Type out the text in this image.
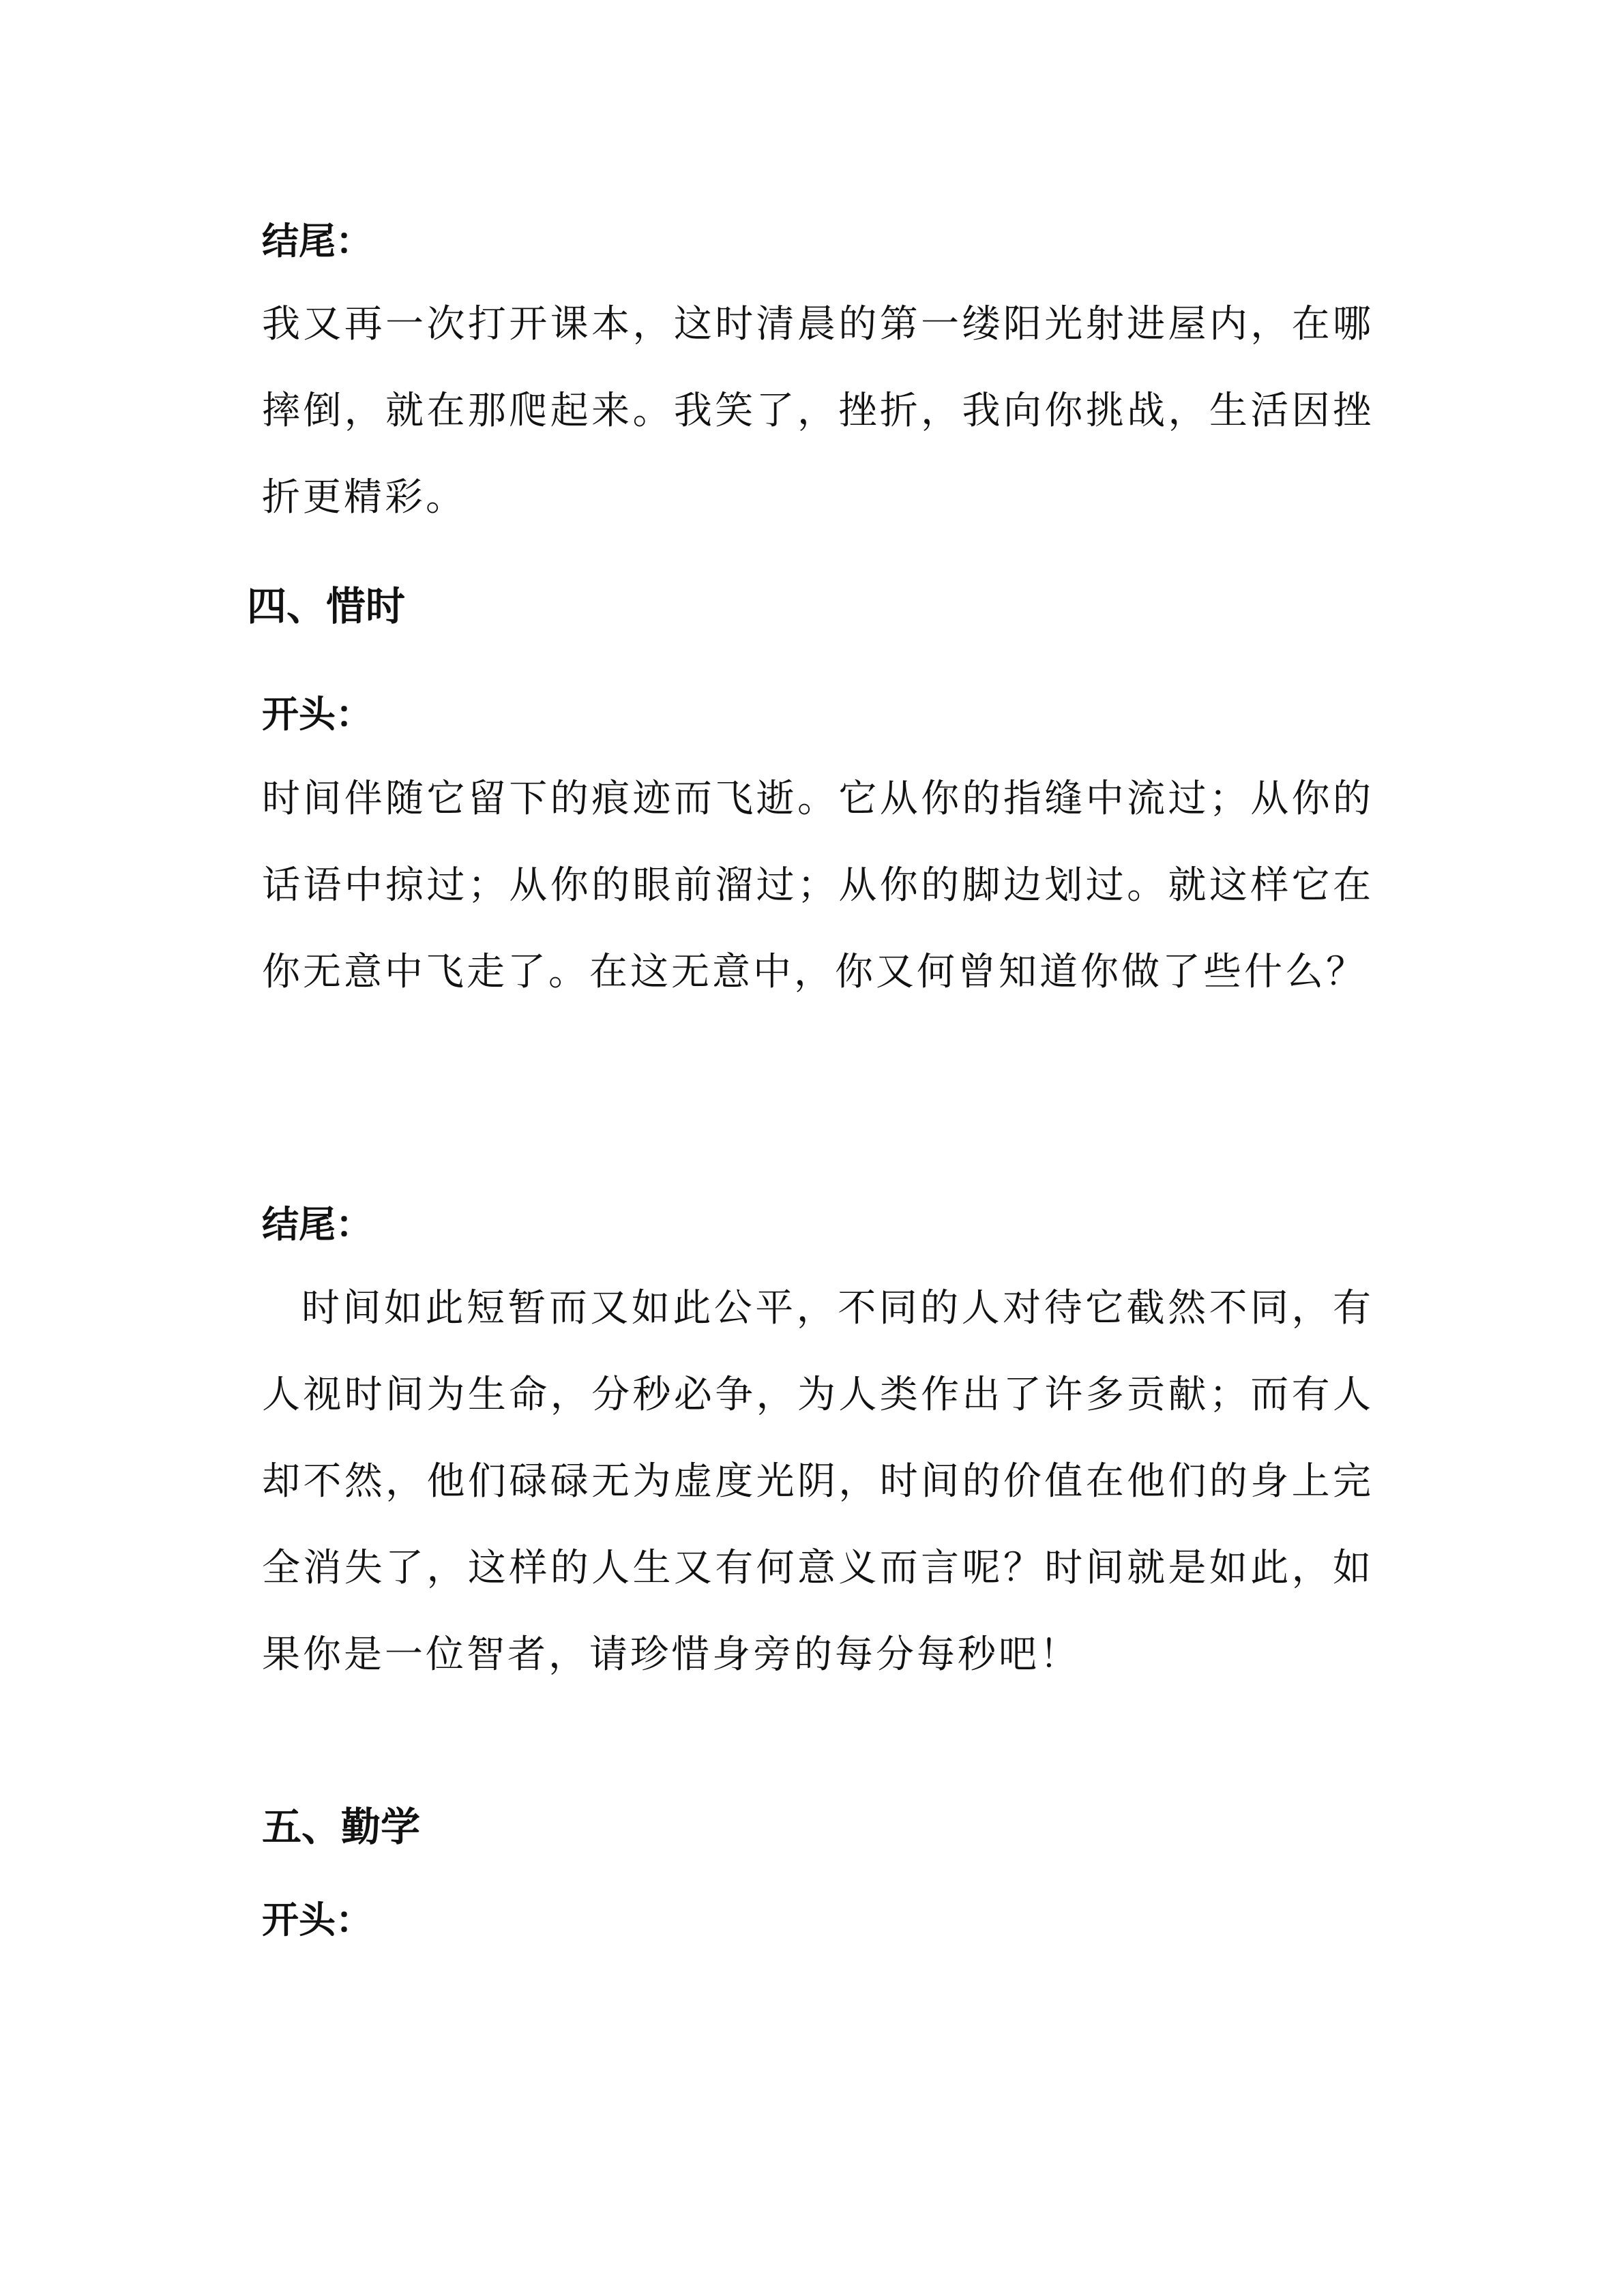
结尾：

我又再一次打开课本，这时清晨的第一缕阳光射进屋内，在哪摔倒，就在那爬起来。我笑了，挫折，我向你挑战，生活因挫折更精彩。

四、惜时

开头：

时间伴随它留下的痕迹而飞逝。它从你的指缝中流过；从你的话语中掠过；从你的眼前溜过；从你的脚边划过。就这样它在你无意中飞走了。在这无意中，你又何曾知道你做了些什么？

结尾：

时间如此短暂而又如此公平，不同的人对待它截然不同，有人视时间为生命，分秒必争，为人类作出了许多贡献；而有人却不然，他们碌碌无为虚度光阴，时间的价值在他们的身上完全消失了，这样的人生又有何意义而言呢？时间就是如此，如果你是一位智者，请珍惜身旁的每分每秒吧！

五、勤学

开头：
